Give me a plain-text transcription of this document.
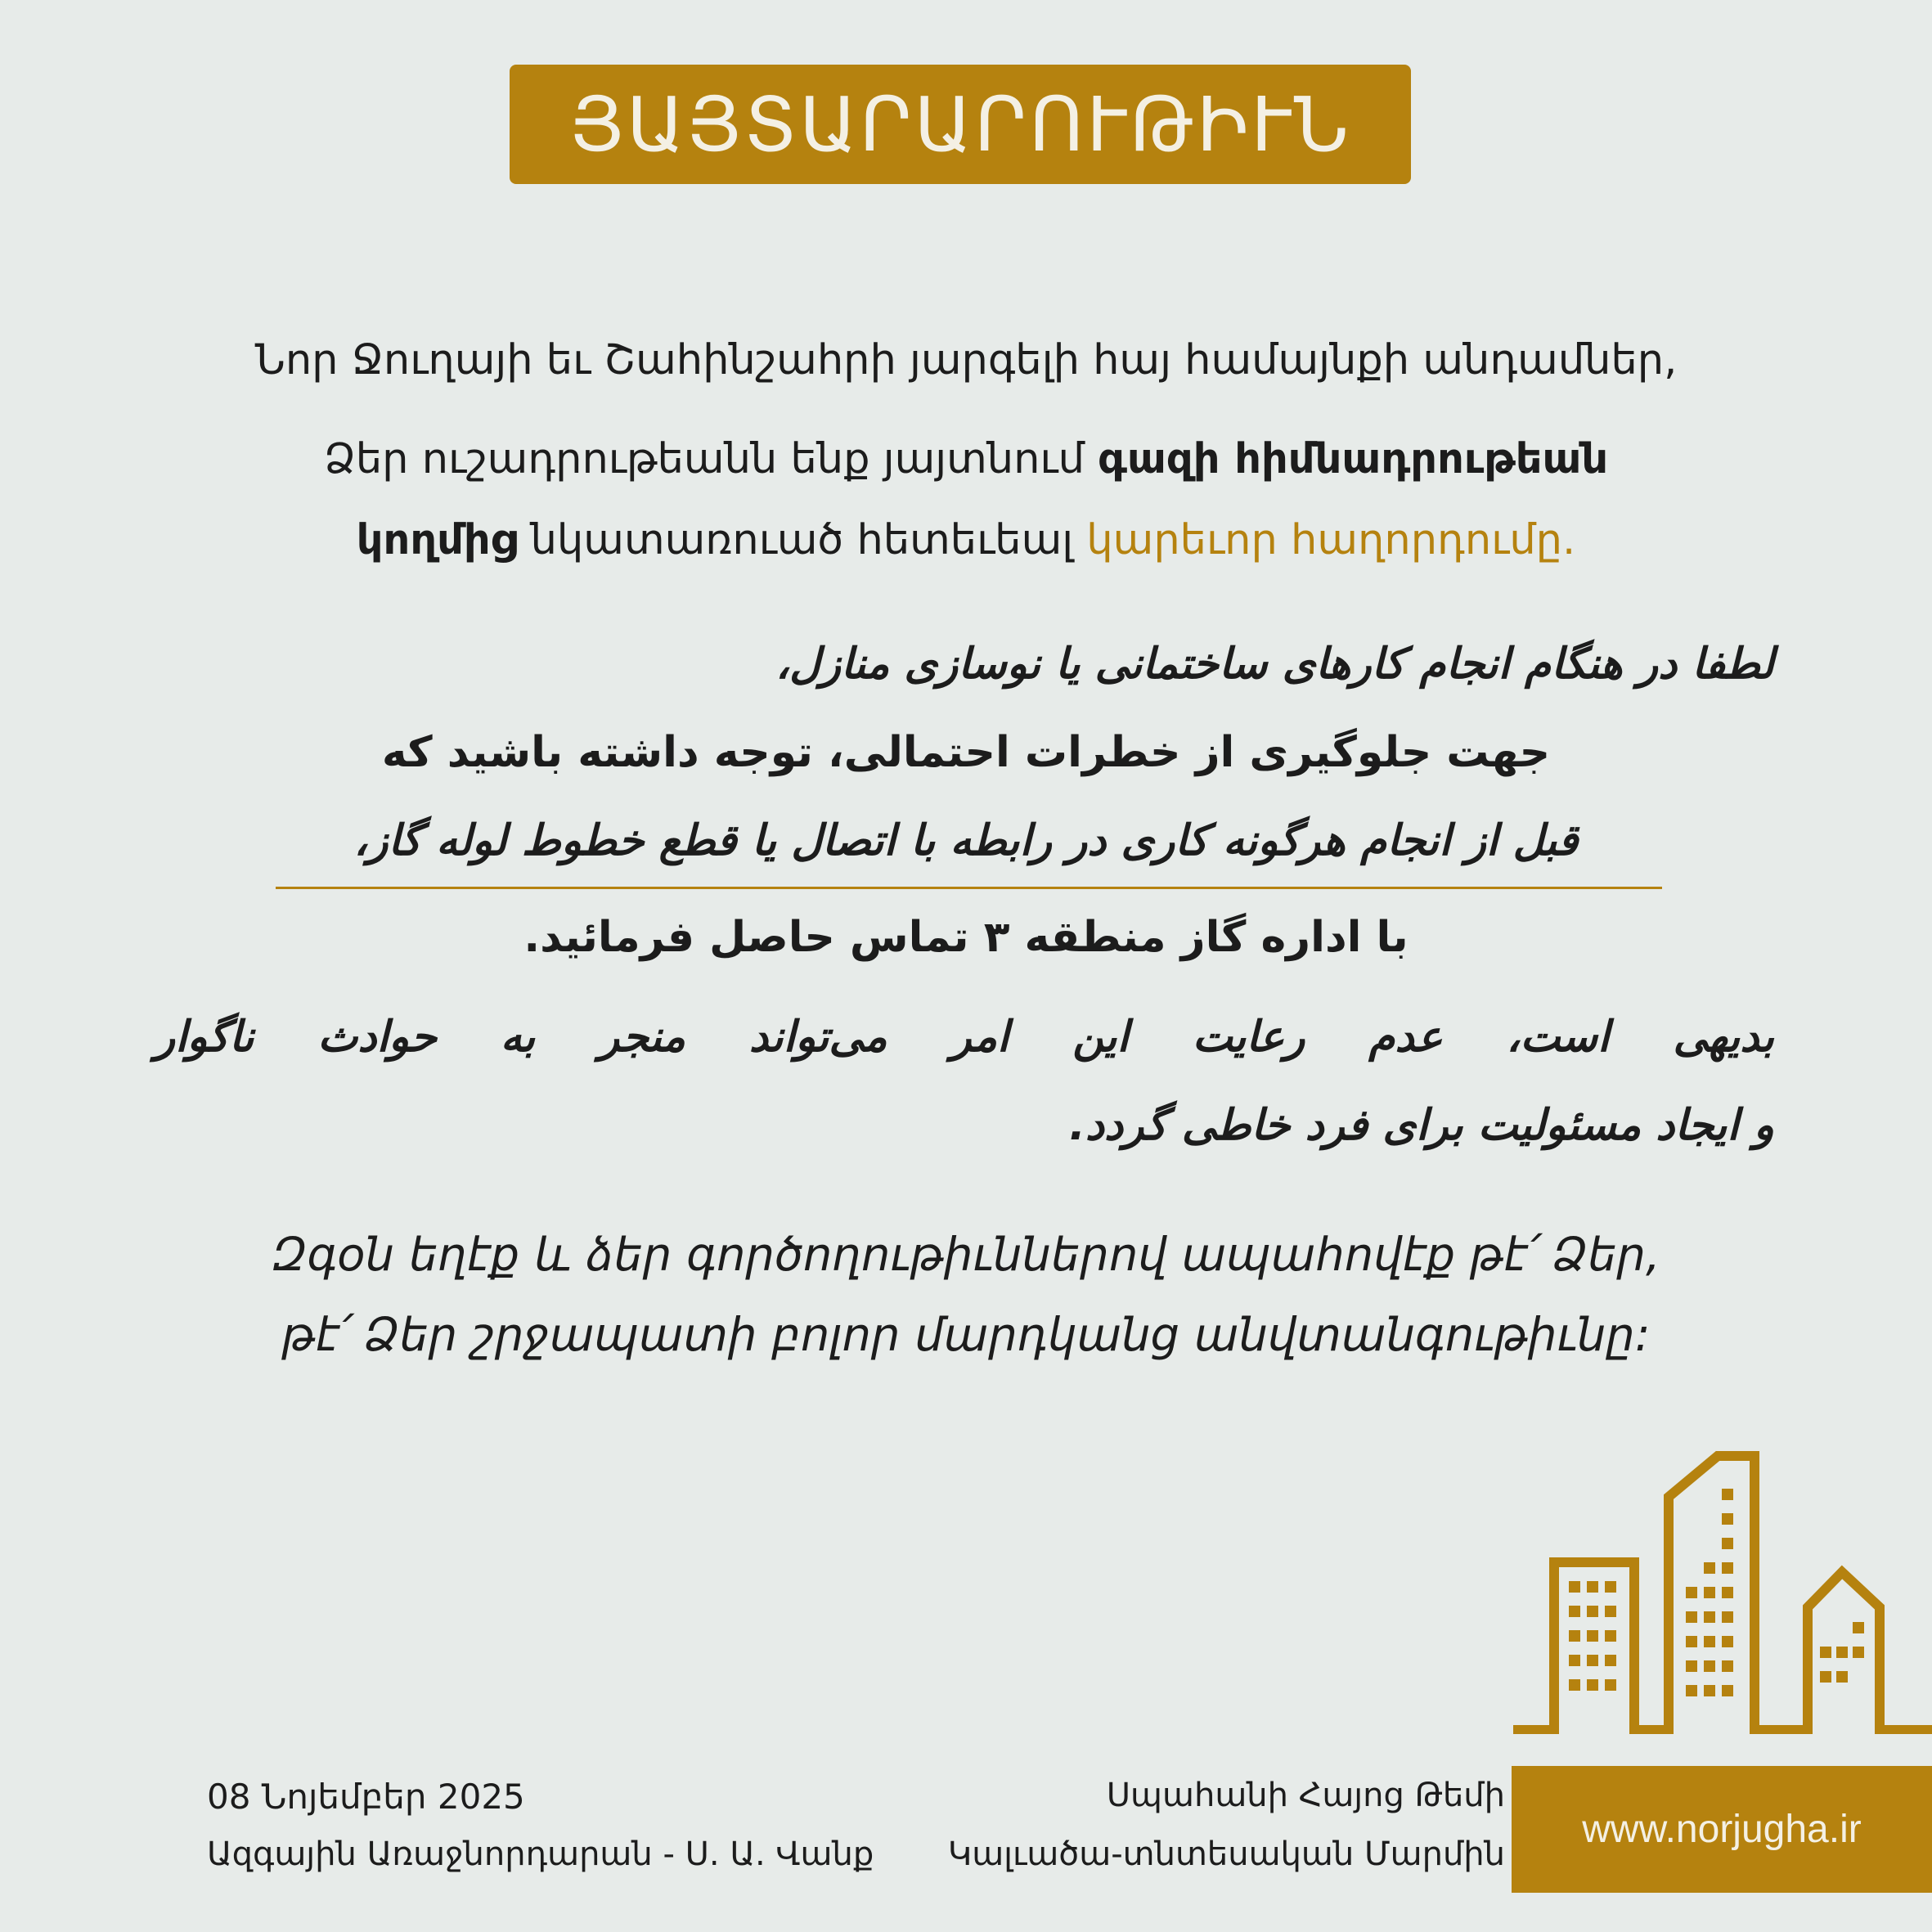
ՅԱՅՏԱՐԱՐՈՒԹԻՒՆ
Նոր Ջուղայի եւ Շահինշահրի յարգելի հայ համայնքի անդամներ,
Ձեր ուշադրութեանն ենք յայտնում գազի հիմնադրութեան
կողմից նկատառուած հետեւեալ կարեւոր հաղորդումը.
لطفا در هنگام انجام کارهای ساختمانی یا نوسازی منازل،
جهت جلوگیری از خطرات احتمالی، توجه داشته باشید که
قبل از انجام هرگونه کاری در رابطه با اتصال یا قطع خطوط لوله گاز،
با اداره گاز منطقه ۳ تماس حاصل فرمائید.
بدیهی است، عدم رعایت این امر می‌تواند منجر به حوادث ناگوار
و ایجاد مسئولیت برای فرد خاطی گردد.
Զգօն եղէք և ձեր գործողութիւններով ապահովէք թէ՛ Ձեր,
թէ՛ Ձեր շրջապատի բոլոր մարդկանց անվտանգութիւնը:
08 Նոյեմբեր 2025
Ազգային Առաջնորդարան - Ս. Ա. Վանք
Սպահանի Հայոց Թեմի
Կալւածա-տնտեսական Մարմին
www.norjugha.ir
